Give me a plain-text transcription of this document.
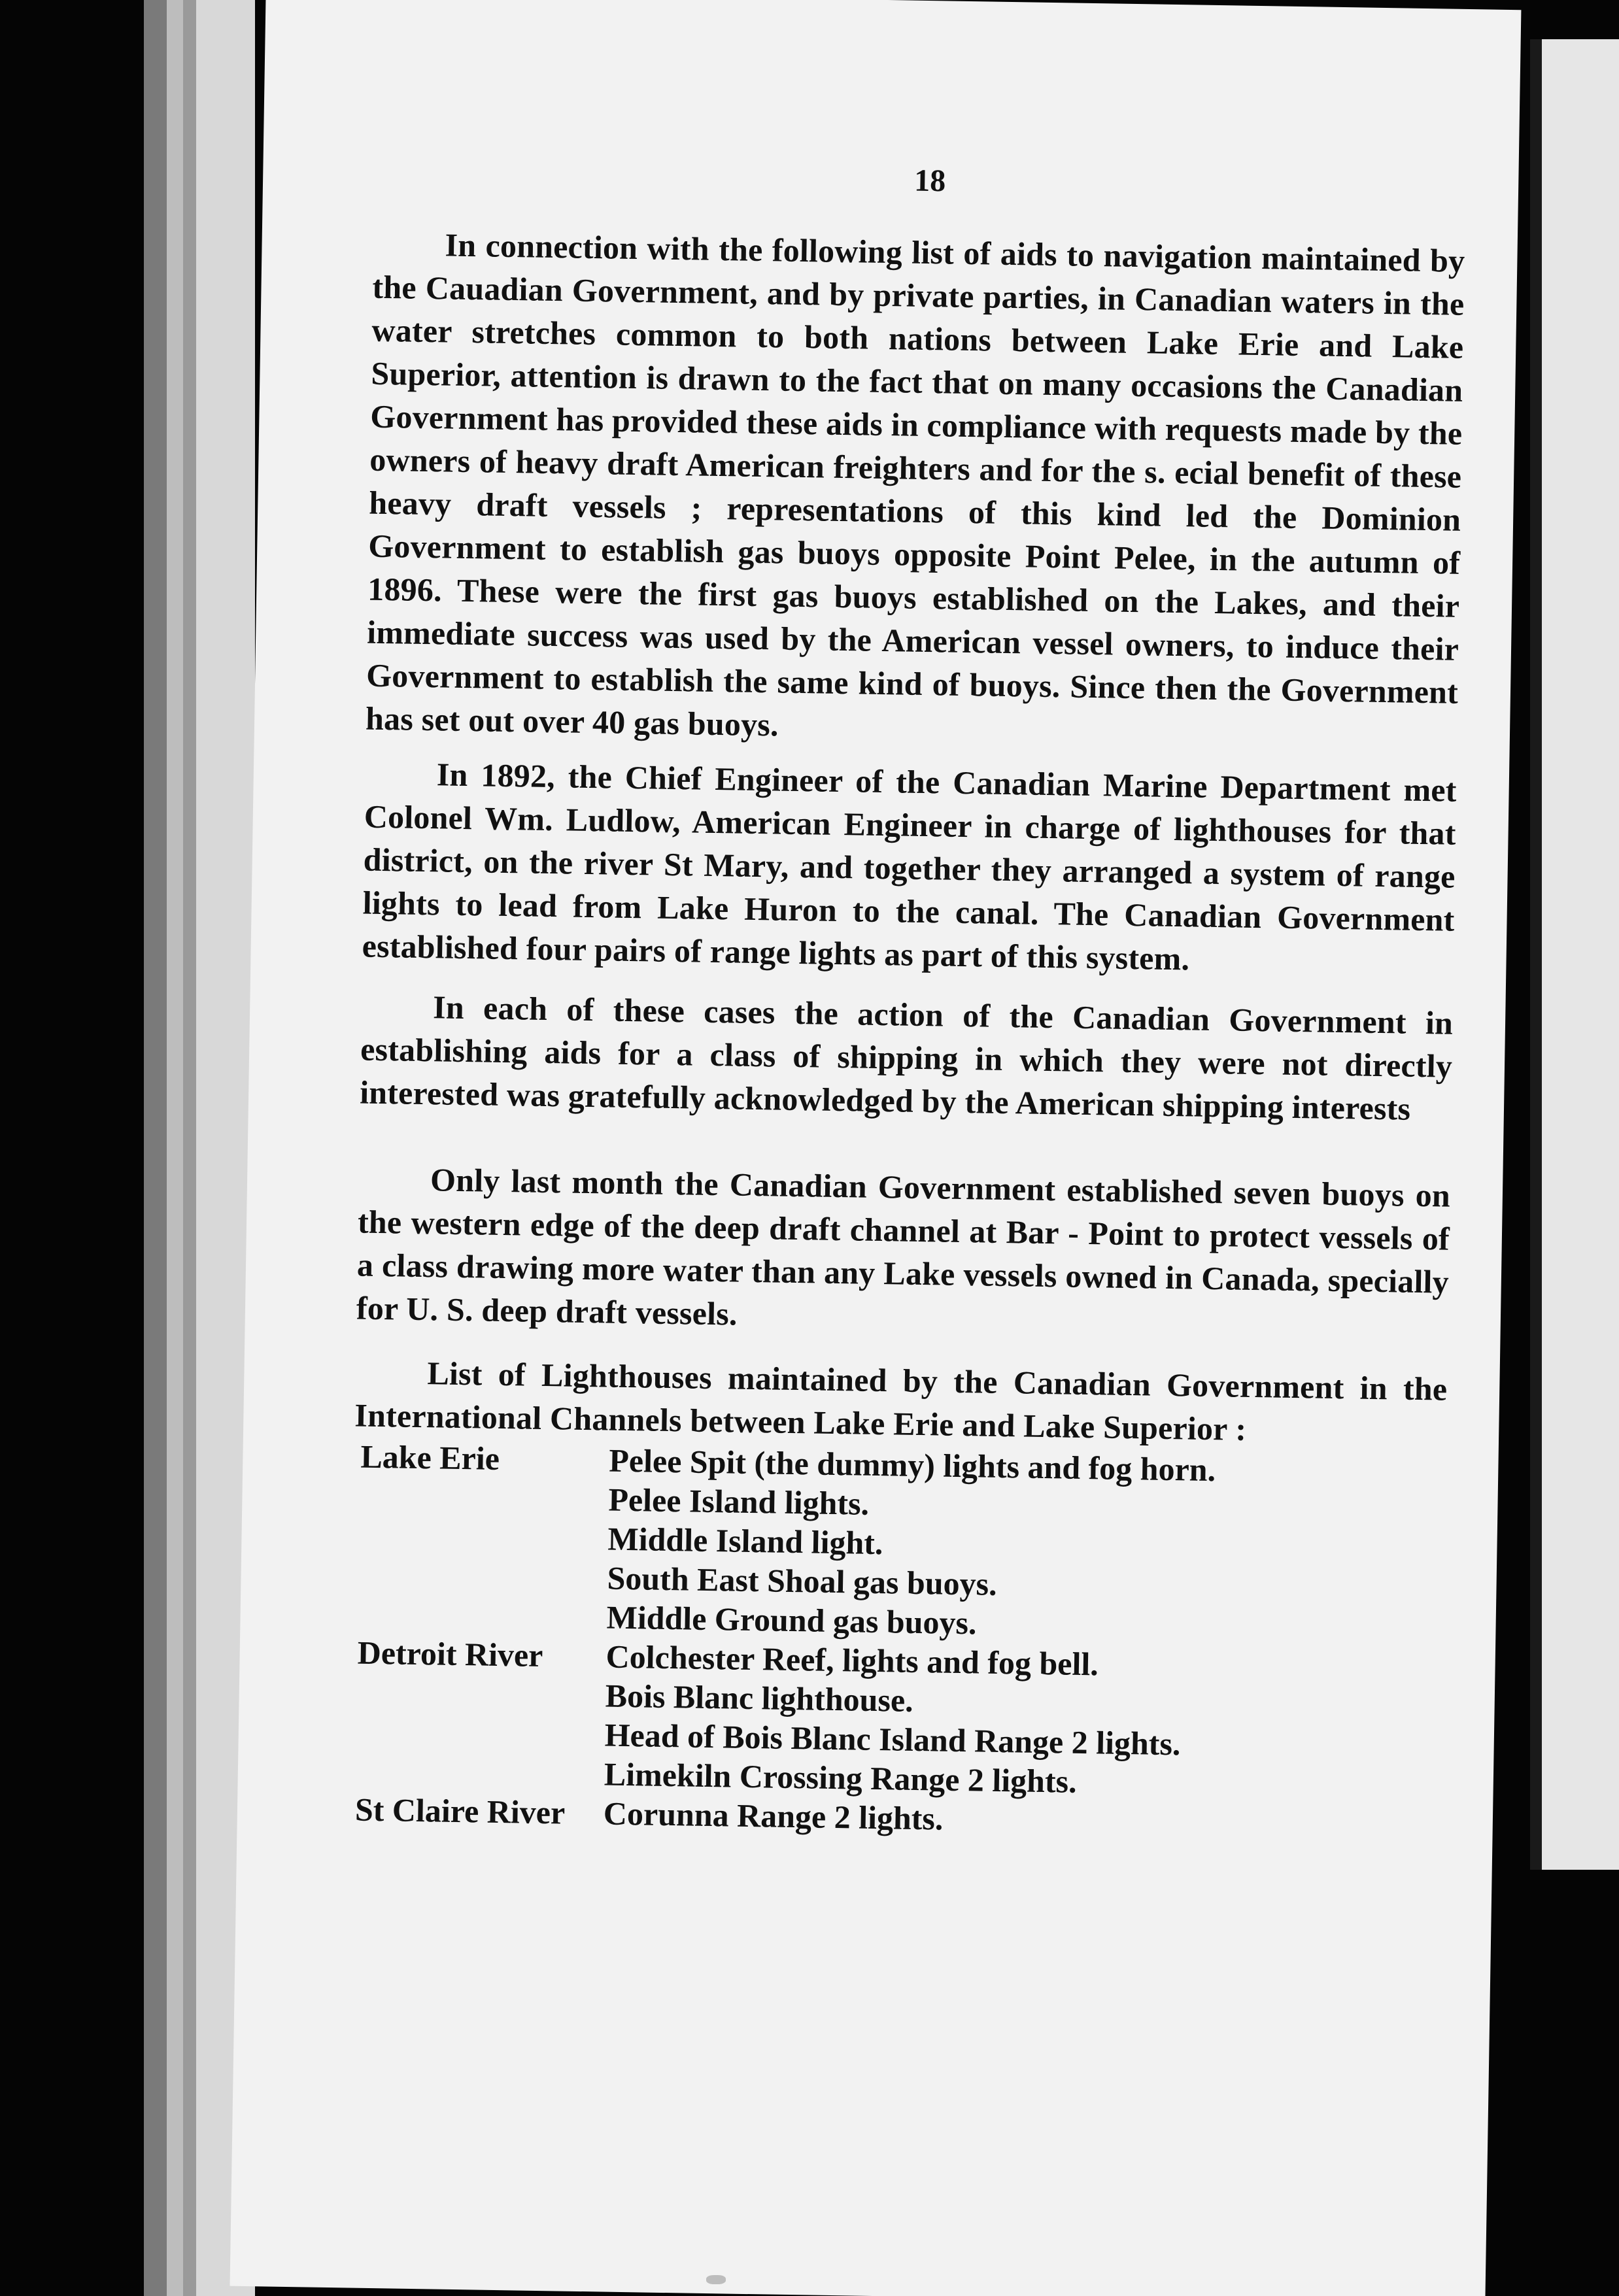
18

In connection with the following list of aids to navigation maintained by the Cauadian Government, and by private parties, in Canadian waters in the water stretches common to both nations between Lake Erie and Lake Superior, attention is drawn to the fact that on many occasions the Canadian Government has provided these aids in compliance with requests made by the owners of heavy draft American freighters and for the s. ecial benefit of these heavy draft vessels ; representations of this kind led the Dominion Government to establish gas buoys opposite Point Pelee, in the autumn of 1896. These were the first gas buoys established on the Lakes, and their immediate success was used by the American vessel owners, to induce their Government to establish the same kind of buoys. Since then the Government has set out over 40 gas buoys.

In 1892, the Chief Engineer of the Canadian Marine Department met Colonel Wm. Ludlow, American Engineer in charge of lighthouses for that district, on the river St Mary, and together they arranged a system of range lights to lead from Lake Huron to the canal. The Canadian Government established four pairs of range lights as part of this system.

In each of these cases the action of the Canadian Government in establishing aids for a class of shipping in which they were not directly interested was gratefully acknowledged by the American shipping interests

Only last month the Canadian Government established seven buoys on the western edge of the deep draft channel at Bar - Point to protect vessels of a class drawing more water than any Lake vessels owned in Canada, specially for U. S. deep draft vessels.

List of Lighthouses maintained by the Canadian Government in the International Channels between Lake Erie and Lake Superior :

Lake Erie	Pelee Spit (the dummy) lights and fog horn.
Pelee Island lights.
Middle Island light.
South East Shoal gas buoys.
Middle Ground gas buoys.
Detroit River	Colchester Reef, lights and fog bell.
Bois Blanc lighthouse.
Head of Bois Blanc Island Range 2 lights.
Limekiln Crossing Range 2 lights.
St Claire River	Corunna Range 2 lights.
